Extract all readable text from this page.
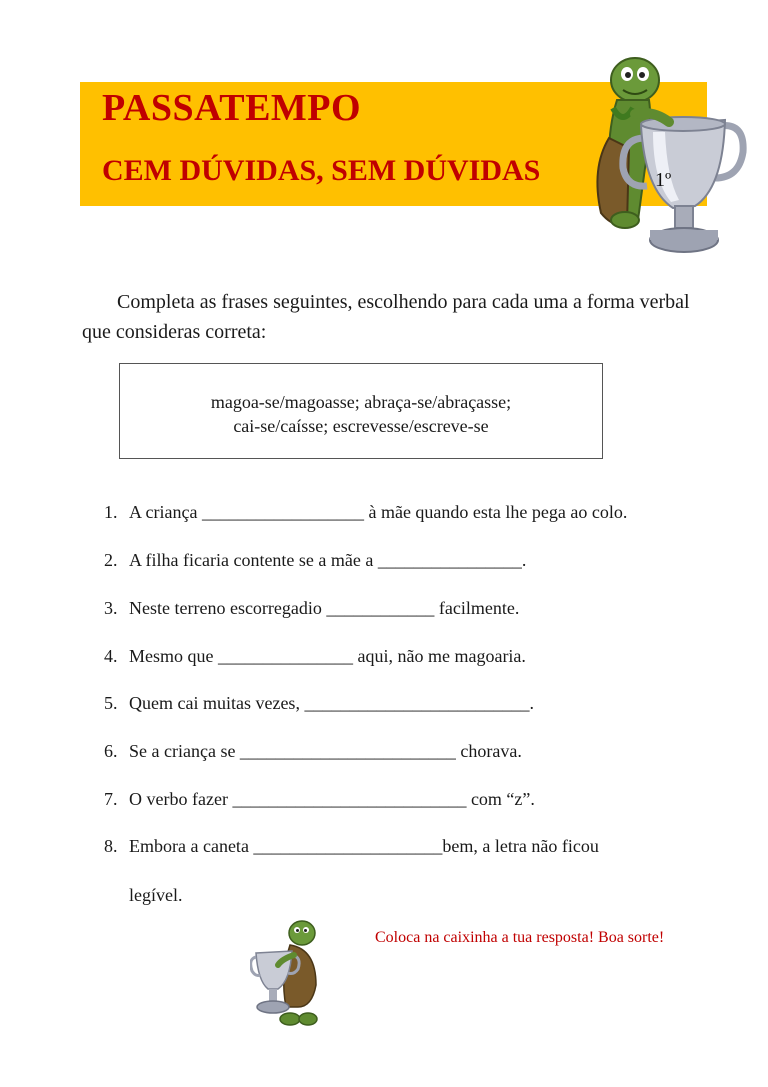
PASSATEMPO
CEM DÚVIDAS, SEM DÚVIDAS	1º

Completa as frases seguintes, escolhendo para cada uma a forma verbal que consideras correta:

magoa-se/magoasse; abraça-se/abraçasse;
cai-se/caísse; escrevesse/escreve-se
1. A criança __________________ à mãe quando esta lhe pega ao colo.
2. A filha ficaria contente se a mãe a ________________.
3. Neste terreno escorregadio ____________ facilmente.
4. Mesmo que _______________ aqui, não me magoaria.
5. Quem cai muitas vezes, _________________________.
6. Se a criança se ________________________ chorava.
7. O verbo fazer __________________________ com “z”.
8. Embora a caneta _____________________bem, a letra não ficou
legível.

Coloca na caixinha a tua resposta! Boa sorte!
